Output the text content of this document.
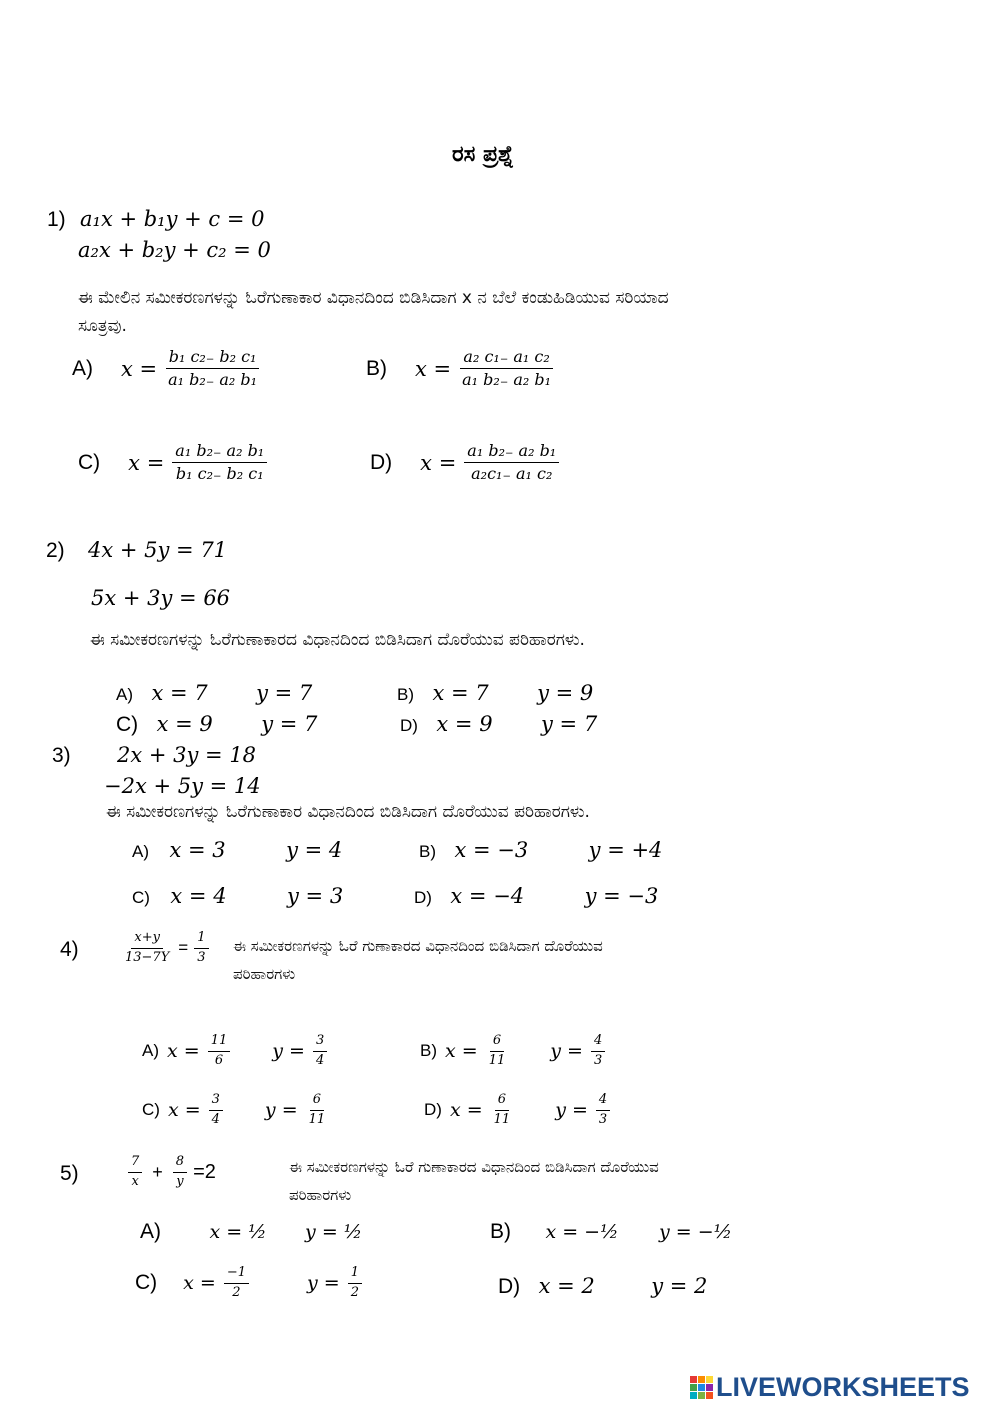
ರಸ ಪ್ರಶ್ನೆ
1) a₁x + b₁y + c = 0
a₂x + b₂y + c₂ = 0
ಈ ಮೇಲಿನ ಸಮೀಕರಣಗಳನ್ನು ಓರೆಗುಣಾಕಾರ ವಿಧಾನದಿಂದ ಬಿಡಿಸಿದಾಗ x ನ ಬೆಲೆ ಕಂಡುಹಿಡಿಯುವ ಸರಿಯಾದ
ಸೂತ್ರವು.
A) $x = \frac{\text{b₁ c₂₋ b₂ c₁}}{\text{a₁ b₂₋ a₂ b₁}}$	B) $x = \frac{\text{a₂ c₁₋ a₁ c₂}}{\text{a₁ b₂₋ a₂ b₁}}$
C) $x = \frac{\text{a₁ b₂₋ a₂ b₁}}{\text{b₁ c₂₋ b₂ c₁}}$	D) $x = \frac{\text{a₁ b₂₋ a₂ b₁}}{\text{a₂c₁₋ a₁ c₂}}$
2) 4x + 5y = 71
5x + 3y = 66
ಈ ಸಮೀಕರಣಗಳನ್ನು ಓರೆಗುಣಾಕಾರದ ವಿಧಾನದಿಂದ ಬಿಡಿಸಿದಾಗ ದೊರೆಯುವ ಪರಿಹಾರಗಳು.
A) x = 7 y = 7	B) x = 7 y = 9
C) x = 9 y = 7	D) x = 9 y = 7
3) 2x + 3y = 18
−2x + 5y = 14
ಈ ಸಮೀಕರಣಗಳನ್ನು ಓರೆಗುಣಾಕಾರ ವಿಧಾನದಿಂದ ಬಿಡಿಸಿದಾಗ ದೊರೆಯುವ ಪರಿಹಾರಗಳು.
A) x = 3	y = 4	B) x = −3	y = +4
C) x = 4	y = 3	D) x = −4	y = −3
4)	$\frac{x+y}{13-7Y} = \frac{1}{3}$ ಈ ಸಮೀಕರಣಗಳನ್ನು ಓರೆ ಗುಣಾಕಾರದ ವಿಧಾನದಿಂದ ಬಿಡಿಸಿದಾಗ ದೊರೆಯುವ
ಪರಿಹಾರಗಳು
A) $x = \frac{11}{6}$ $y = \frac{3}{4}$	B) $x = \frac{6}{11}$ $y = \frac{4}{3}$
C) $x = \frac{3}{4}$ $y = \frac{6}{11}$	D) $x = \frac{6}{11}$ $y = \frac{4}{3}$
5)	$\frac{7}{x} + \frac{8}{y} =2$	ಈ ಸಮೀಕರಣಗಳನ್ನು ಓರೆ ಗುಣಾಕಾರದ ವಿಧಾನದಿಂದ ಬಿಡಿಸಿದಾಗ ದೊರೆಯುವ
ಪರಿಹಾರಗಳು
A)	x = ½ y = ½	B) x = −½ y = −½
C) $x = \frac{-1}{2}$	$y = \frac{1}{2}$	D) x = 2	y = 2
LIVEWORKSHEETS
